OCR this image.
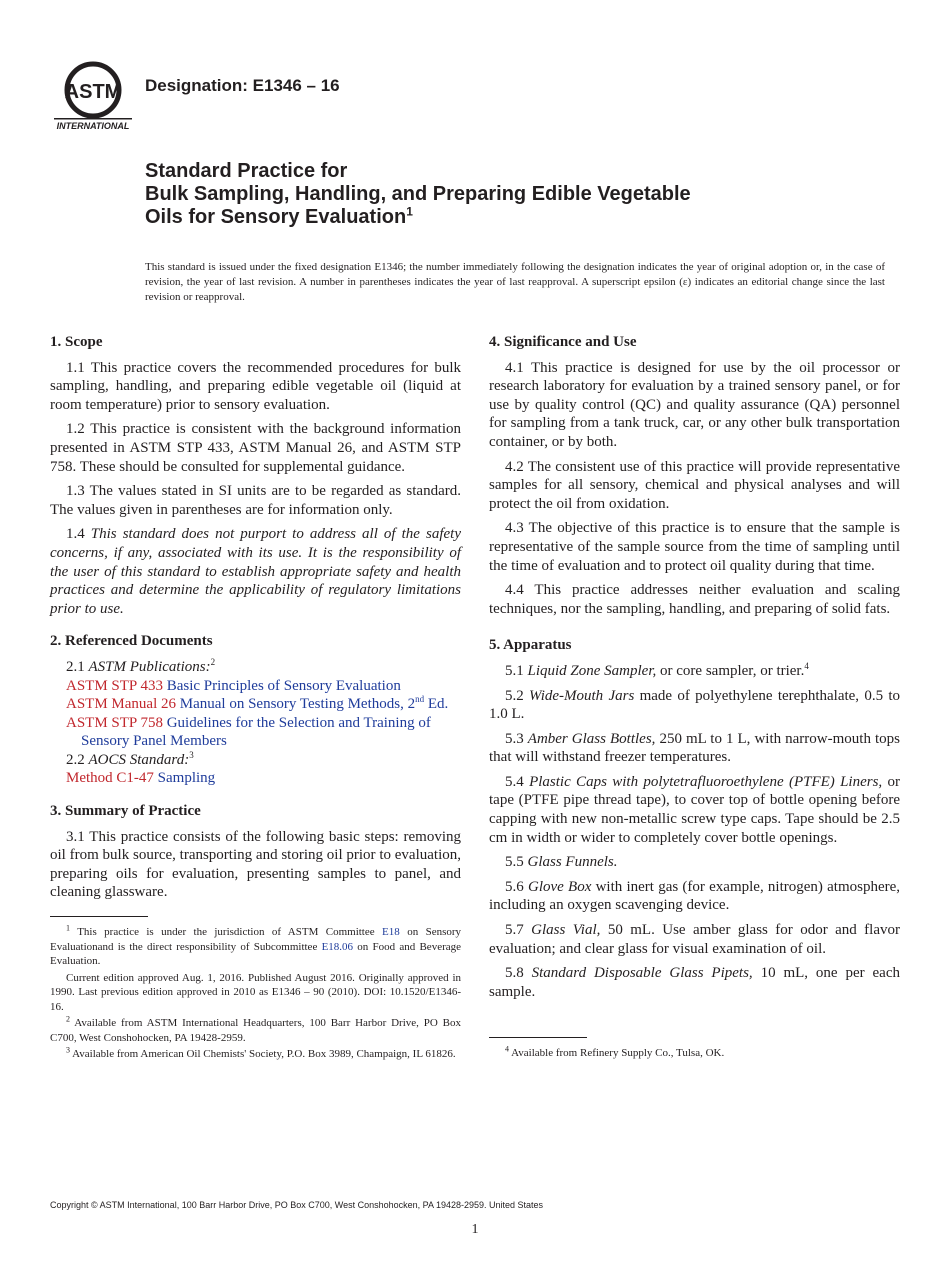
ASTM
INTERNATIONAL
Designation: E1346 – 16
Standard Practice for
Bulk Sampling, Handling, and Preparing Edible Vegetable
Oils for Sensory Evaluation$^1$
This standard is issued under the fixed designation E1346; the number immediately following the designation indicates the year of original adoption or, in the case of revision, the year of last revision. A number in parentheses indicates the year of last reapproval. A superscript epsilon (ε) indicates an editorial change since the last revision or reapproval.
1. Scope

1.1 This practice covers the recommended procedures for bulk sampling, handling, and preparing edible vegetable oil (liquid at room temperature) prior to sensory evaluation.

1.2 This practice is consistent with the background information presented in ASTM STP 433, ASTM Manual 26, and ASTM STP 758. These should be consulted for supplemental guidance.

1.3 The values stated in SI units are to be regarded as standard. The values given in parentheses are for information only.

1.4 This standard does not purport to address all of the safety concerns, if any, associated with its use. It is the responsibility of the user of this standard to establish appropriate safety and health practices and determine the applicability of regulatory limitations prior to use.

2. Referenced Documents

2.1 ASTM Publications:$^2$

ASTM STP 433 Basic Principles of Sensory Evaluation

ASTM Manual 26 Manual on Sensory Testing Methods, 2nd Ed.

ASTM STP 758 Guidelines for the Selection and Training of Sensory Panel Members

2.2 AOCS Standard:$^3$

Method C1-47 Sampling

3. Summary of Practice

3.1 This practice consists of the following basic steps: removing oil from bulk source, transporting and storing oil prior to evaluation, preparing oils for evaluation, presenting samples to panel, and cleaning glassware.

$^1$ This practice is under the jurisdiction of ASTM Committee E18 on Sensory Evaluationand is the direct responsibility of Subcommittee E18.06 on Food and Beverage Evaluation.

Current edition approved Aug. 1, 2016. Published August 2016. Originally approved in 1990. Last previous edition approved in 2010 as E1346 – 90 (2010). DOI: 10.1520/E1346-16.

$^2$ Available from ASTM International Headquarters, 100 Barr Harbor Drive, PO Box C700, West Conshohocken, PA 19428-2959.

$^3$ Available from American Oil Chemists' Society, P.O. Box 3989, Champaign, IL 61826.

4. Significance and Use

4.1 This practice is designed for use by the oil processor or research laboratory for evaluation by a trained sensory panel, or for use by quality control (QC) and quality assurance (QA) personnel for sampling from a tank truck, car, or any other bulk transportation container, or by both.

4.2 The consistent use of this practice will provide representative samples for all sensory, chemical and physical analyses and will protect the oil from oxidation.

4.3 The objective of this practice is to ensure that the sample is representative of the sample source from the time of sampling until the time of evaluation and to protect oil quality during that time.

4.4 This practice addresses neither evaluation and scaling techniques, nor the sampling, handling, and preparing of solid fats.

5. Apparatus

5.1 Liquid Zone Sampler, or core sampler, or trier.$^4$

5.2 Wide-Mouth Jars made of polyethylene terephthalate, 0.5 to 1.0 L.

5.3 Amber Glass Bottles, 250 mL to 1 L, with narrow-mouth tops that will withstand freezer temperatures.

5.4 Plastic Caps with polytetrafluoroethylene (PTFE) Liners, or tape (PTFE pipe thread tape), to cover top of bottle opening before capping with new non-metallic screw type caps. Tape should be 2.5 cm in width or wider to completely cover bottle openings.

5.5 Glass Funnels.

5.6 Glove Box with inert gas (for example, nitrogen) atmosphere, including an oxygen scavenging device.

5.7 Glass Vial, 50 mL. Use amber glass for odor and flavor evaluation; and clear glass for visual examination of oil.

5.8 Standard Disposable Glass Pipets, 10 mL, one per each sample.

$^4$ Available from Refinery Supply Co., Tulsa, OK.

Copyright © ASTM International, 100 Barr Harbor Drive, PO Box C700, West Conshohocken, PA 19428-2959. United States
1
